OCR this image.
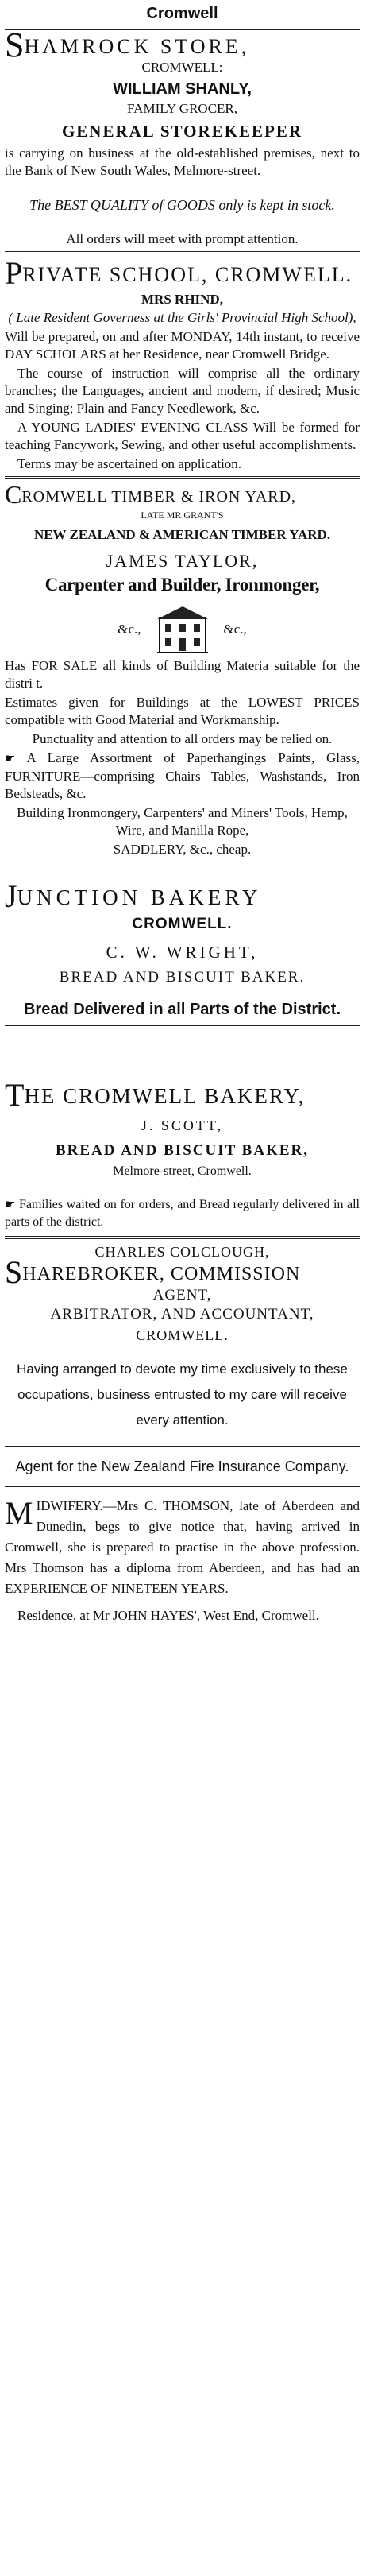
Cromwell

SHAMROCK STORE,

CROMWELL:

WILLIAM SHANLY,

FAMILY GROCER,

GENERAL STOREKEEPER

is carrying on business at the old-established premises, next to the Bank of New South Wales, Melmore-street.

The BEST QUALITY of GOODS only is kept in stock.

All orders will meet with prompt attention.

PRIVATE SCHOOL, CROMWELL.

MRS RHIND,

( Late Resident Governess at the Girls' Provincial High School),

Will be prepared, on and after MONDAY, 14th instant, to receive DAY SCHOLARS at her Residence, near Cromwell Bridge.

The course of instruction will comprise all the ordinary branches; the Languages, ancient and modern, if desired; Music and Singing; Plain and Fancy Needlework, &c.

A YOUNG LADIES' EVENING CLASS Will be formed for teaching Fancywork, Sewing, and other useful accomplishments.

Terms may be ascertained on application.

CROMWELL TIMBER & IRON YARD,

LATE MR GRANT'S

NEW ZEALAND & AMERICAN TIMBER YARD.

JAMES TAYLOR,

Carpenter and Builder, Ironmonger,

&c.,	&c.,

Has FOR SALE all kinds of Building Materia suitable for the distri t.

Estimates given for Buildings at the LOWEST PRICES compatible with Good Material and Workmanship.

Punctuality and attention to all orders may be relied on.

☛ A Large Assortment of Paperhangings Paints, Glass, FURNITURE—comprising Chairs Tables, Washstands, Iron Bedsteads, &c.

Building Ironmongery, Carpenters' and Miners' Tools, Hemp, Wire, and Manilla Rope,

SADDLERY, &c., cheap.

JUNCTION BAKERY

CROMWELL.

C. W. WRIGHT,

BREAD AND BISCUIT BAKER.

Bread Delivered in all Parts of the District.

THE CROMWELL BAKERY,

J. SCOTT,

BREAD AND BISCUIT BAKER,

Melmore-street, Cromwell.

☛ Families waited on for orders, and Bread regularly delivered in all parts of the district.

CHARLES COLCLOUGH,

SHAREBROKER, COMMISSION

AGENT,

ARBITRATOR, AND ACCOUNTANT,

CROMWELL.

Having arranged to devote my time exclusively to these occupations, business entrusted to my care will receive every attention.

Agent for the New Zealand Fire Insurance Company.

MIDWIFERY.—Mrs C. THOMSON, late of Aberdeen and Dunedin, begs to give notice that, having arrived in Cromwell, she is prepared to practise in the above profession. Mrs Thomson has a diploma from Aberdeen, and has had an EXPERIENCE OF NINETEEN YEARS.

Residence, at Mr JOHN HAYES', West End, Cromwell.
